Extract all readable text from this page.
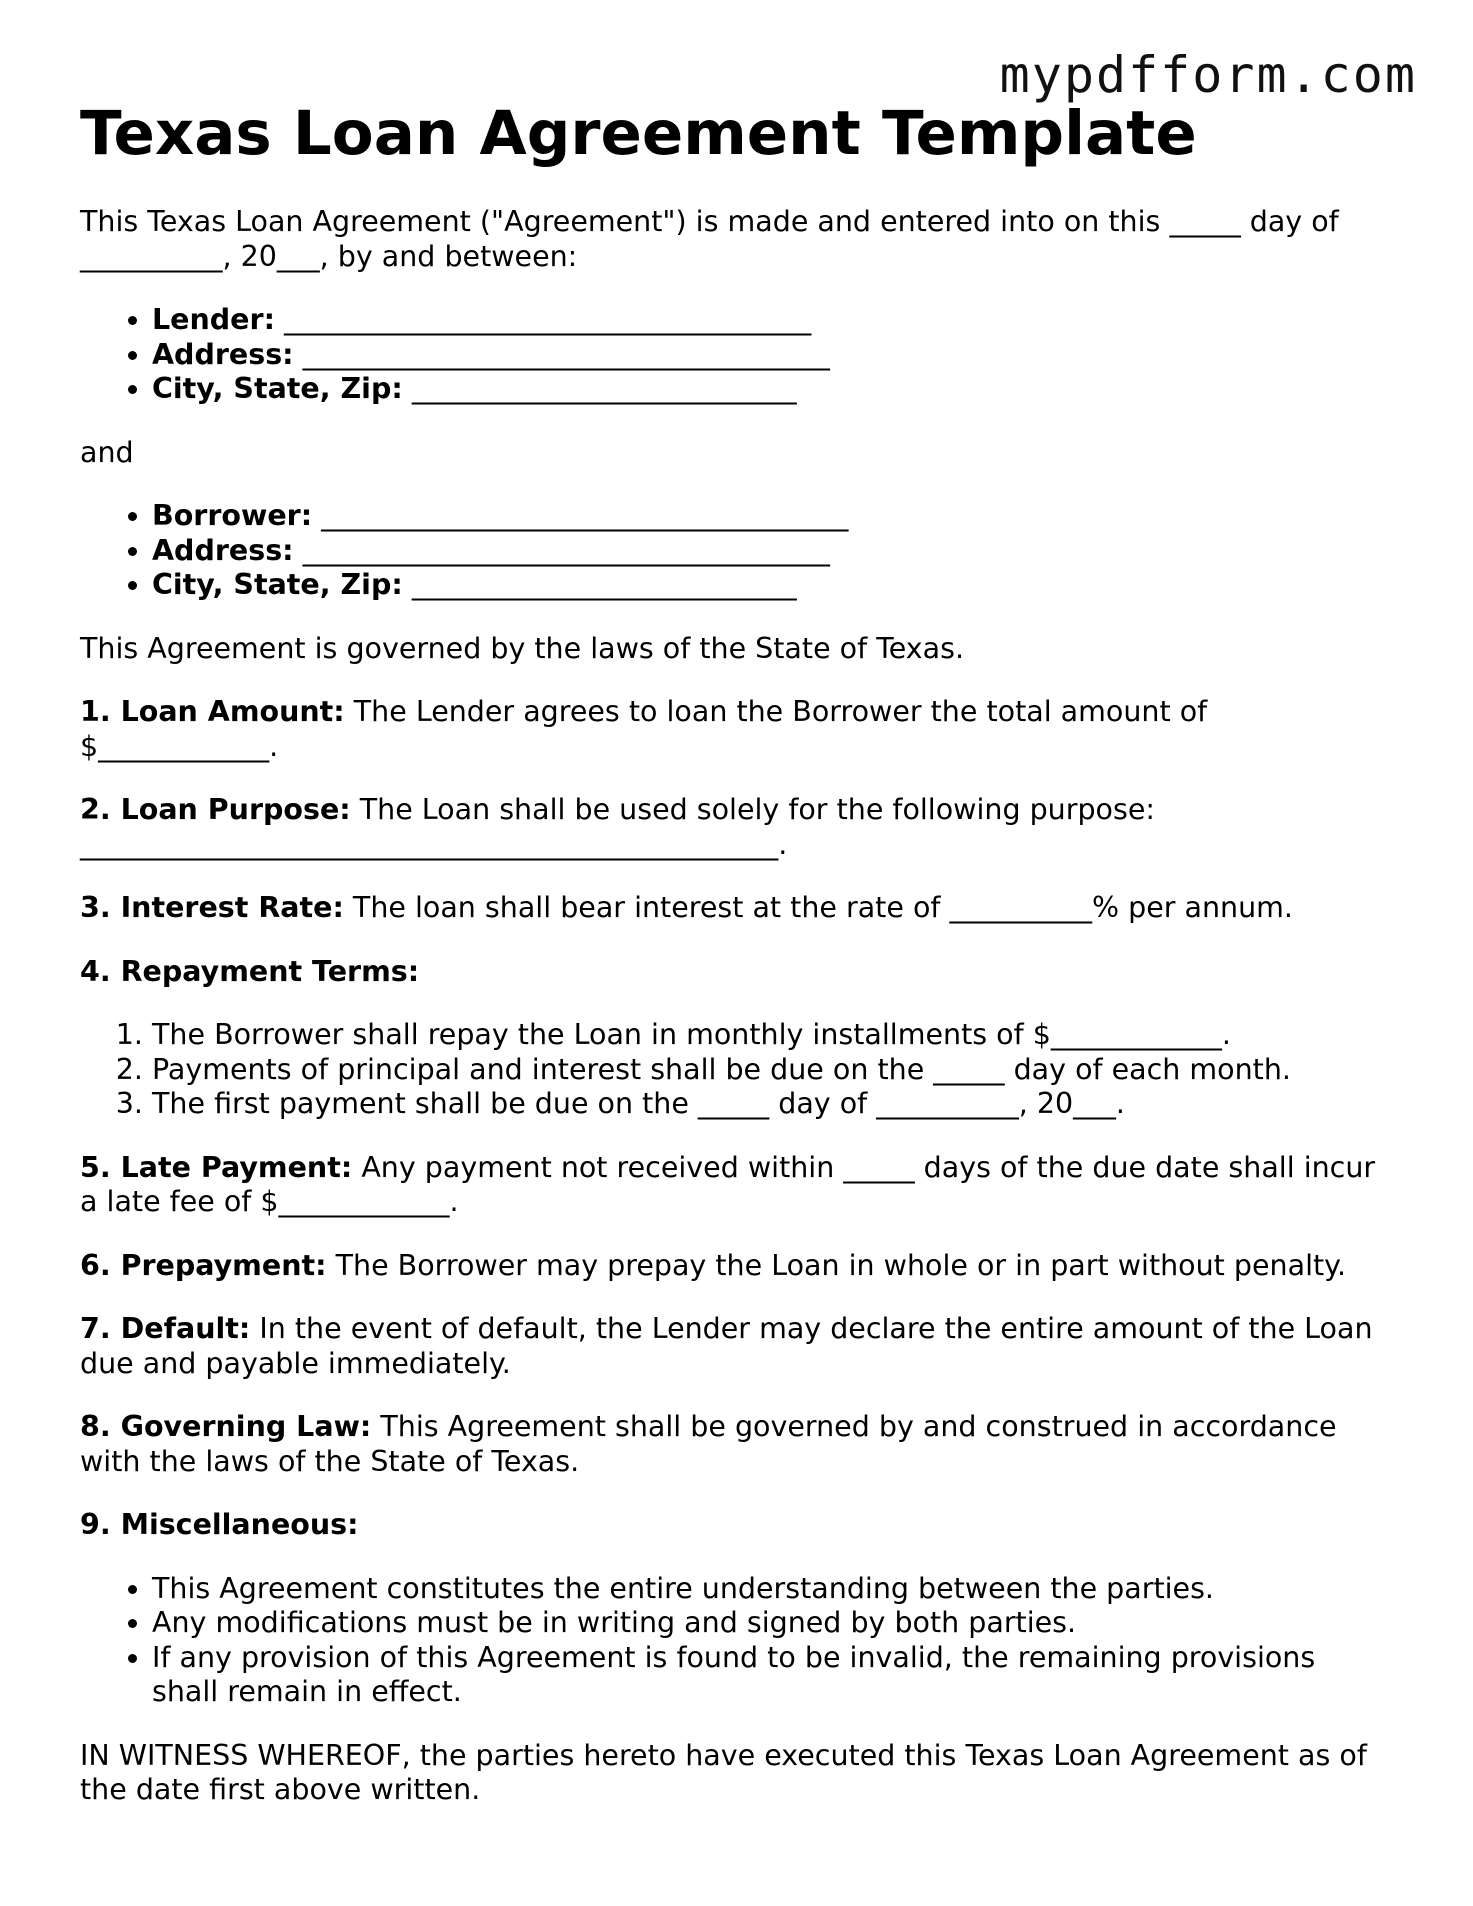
mypdfform.com
Texas Loan Agreement Template

This Texas Loan Agreement ("Agreement") is made and entered into on this _____ day of
__________, 20___, by and between:

• Lender: _____________________________________
• Address: _____________________________________
• City, State, Zip: ___________________________

and

• Borrower: _____________________________________
• Address: _____________________________________
• City, State, Zip: ___________________________

This Agreement is governed by the laws of the State of Texas.

1. Loan Amount: The Lender agrees to loan the Borrower the total amount of
$____________.

2. Loan Purpose: The Loan shall be used solely for the following purpose:
_________________________________________________.

3. Interest Rate: The loan shall bear interest at the rate of __________% per annum.

4. Repayment Terms:

1. The Borrower shall repay the Loan in monthly installments of $____________.
2. Payments of principal and interest shall be due on the _____ day of each month.
3. The first payment shall be due on the _____ day of __________, 20___.

5. Late Payment: Any payment not received within _____ days of the due date shall incur
a late fee of $____________.

6. Prepayment: The Borrower may prepay the Loan in whole or in part without penalty.

7. Default: In the event of default, the Lender may declare the entire amount of the Loan
due and payable immediately.

8. Governing Law: This Agreement shall be governed by and construed in accordance
with the laws of the State of Texas.

9. Miscellaneous:

• This Agreement constitutes the entire understanding between the parties.
• Any modifications must be in writing and signed by both parties.
• If any provision of this Agreement is found to be invalid, the remaining provisions
shall remain in effect.

IN WITNESS WHEREOF, the parties hereto have executed this Texas Loan Agreement as of
the date first above written.
